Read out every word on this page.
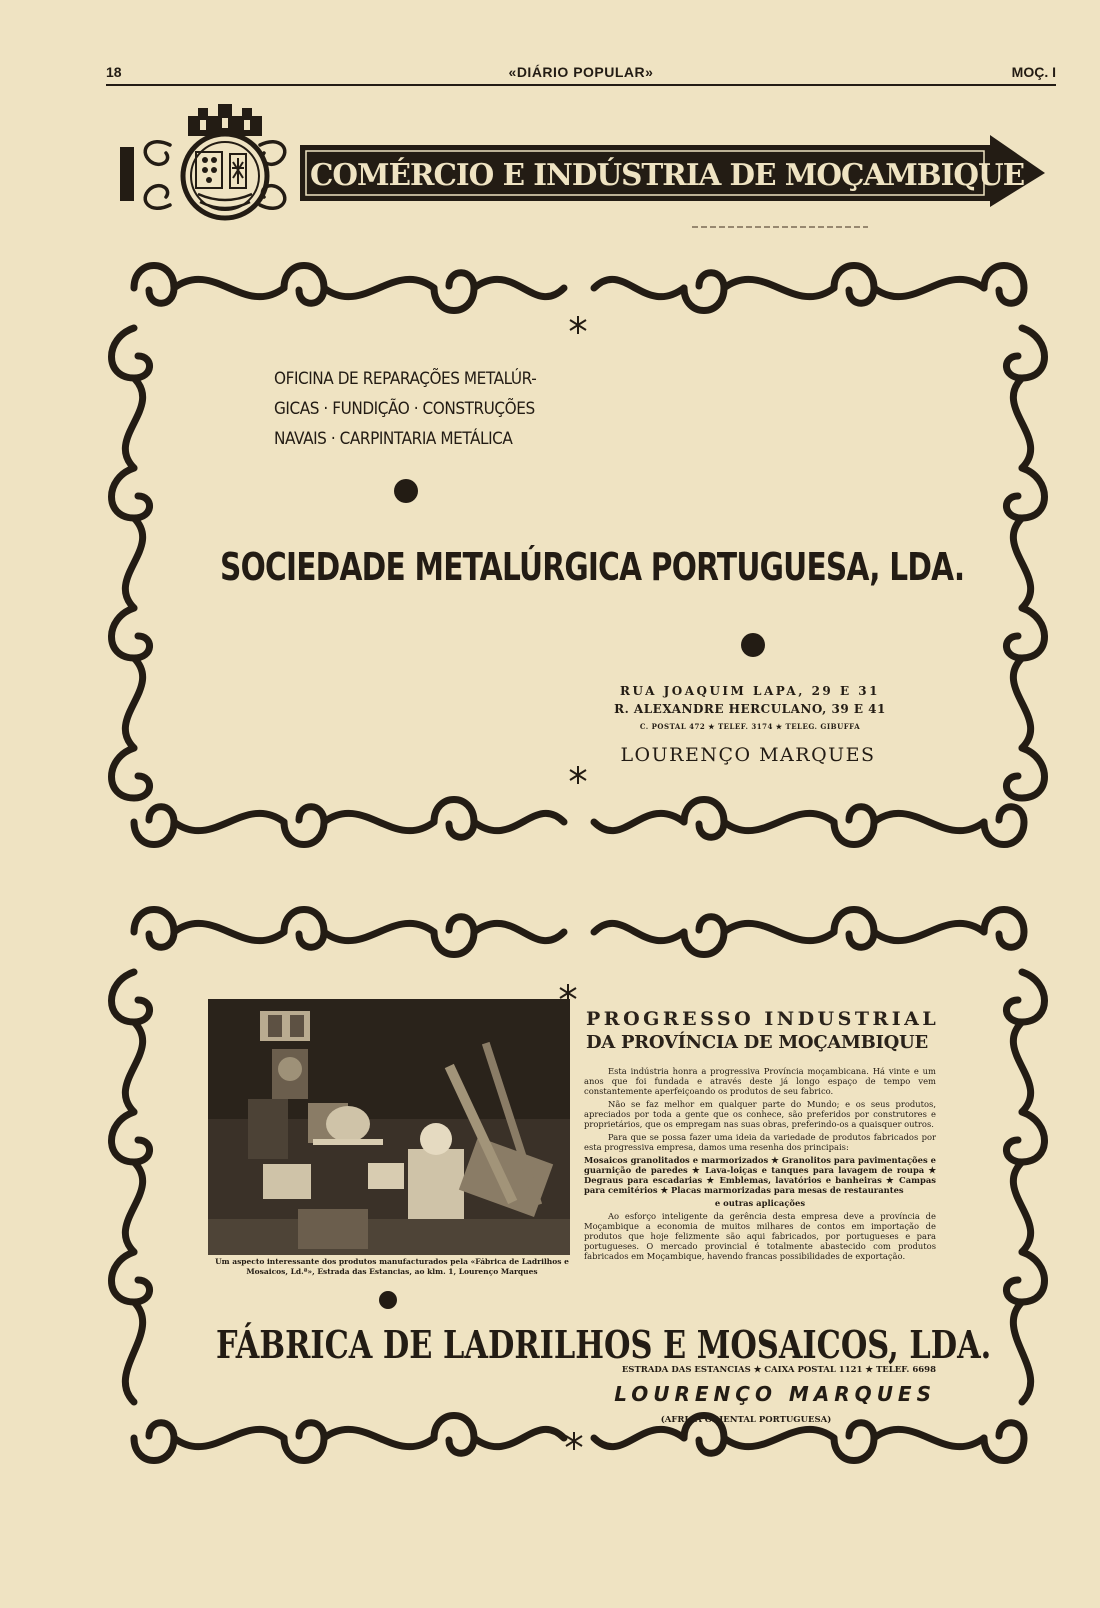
18	«DIÁRIO POPULAR»	MOÇ. I
COMÉRCIO E INDÚSTRIA DE MOÇAMBIQUE
OFICINA DE REPARAÇÕES METALÚR-
GICAS · FUNDIÇÃO · CONSTRUÇÕES
NAVAIS · CARPINTARIA METÁLICA
SOCIEDADE METALÚRGICA PORTUGUESA, LDA.
RUA JOAQUIM LAPA, 29 E 31
R. ALEXANDRE HERCULANO, 39 E 41
C. POSTAL 472 ★ TELEF. 3174 ★ TELEG. GIBUFFA
LOURENÇO MARQUES
Um aspecto interessante dos produtos manufacturados pela «Fábrica de Ladrilhos e Mosaicos, Ld.ª», Estrada das Estancias, ao klm. 1, Lourenço Marques
PROGRESSO INDUSTRIAL
DA PROVÍNCIA DE MOÇAMBIQUE

Esta indústria honra a progressiva Província moçambicana. Há vinte e um anos que foi fundada e através deste já longo espaço de tempo vem constantemente aperfeiçoando os produtos de seu fabrico.

Não se faz melhor em qualquer parte do Mundo; e os seus produtos, apreciados por toda a gente que os conhece, são preferidos por construtores e proprietários, que os empregam nas suas obras, preferindo-os a quaisquer outros.

Para que se possa fazer uma ideia da variedade de produtos fabricados por esta progressiva empresa, damos uma resenha dos principais:

Mosaicos granolitados e marmorizados ★ Granolitos para pavimentações e guarnição de paredes ★ Lava-loiças e tanques para lavagem de roupa ★ Degraus para escadarias ★ Emblemas, lavatórios e banheiras ★ Campas para cemitérios ★ Placas marmorizadas para mesas de restaurantes

e outras aplicações

Ao esforço inteligente da gerência desta empresa deve a província de Moçambique a economia de muitos milhares de contos em importação de produtos que hoje felizmente são aqui fabricados, por portugueses e para portugueses. O mercado provincial é totalmente abastecido com produtos fabricados em Moçambique, havendo francas possibilidades de exportação.

FÁBRICA DE LADRILHOS E MOSAICOS, LDA.
ESTRADA DAS ESTANCIAS ★ CAIXA POSTAL 1121 ★ TELEF. 6698
LOURENÇO MARQUES
(AFRICA ORIENTAL PORTUGUESA)
